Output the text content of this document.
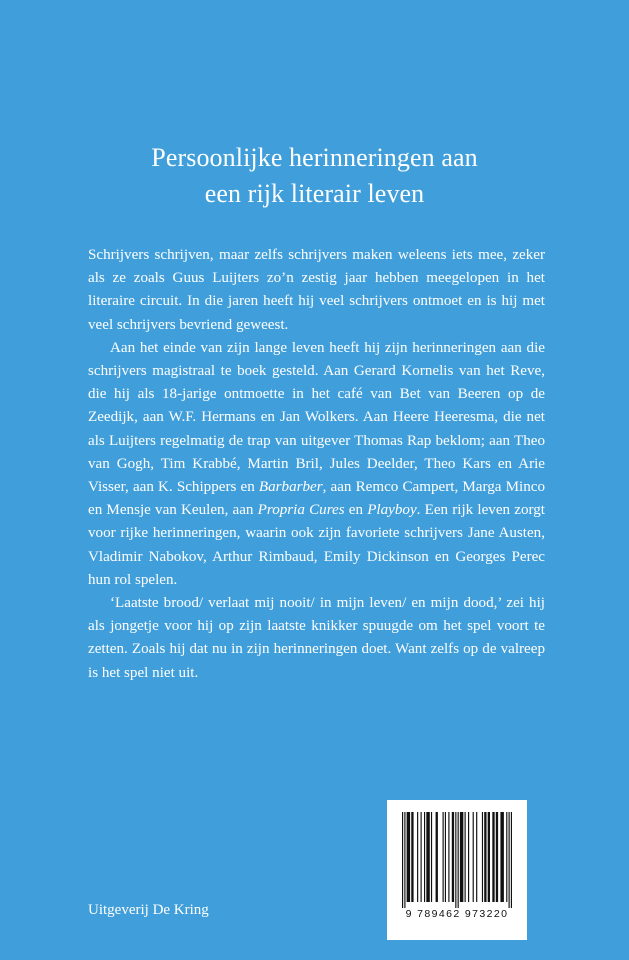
Persoonlijke herinneringen aan
een rijk literair leven

Schrijvers schrijven, maar zelfs schrijvers maken weleens iets mee, zeker als ze zoals Guus Luijters zo’n zestig jaar hebben meegelopen in het literaire circuit. In die jaren heeft hij veel schrijvers ontmoet en is hij met veel schrijvers bevriend geweest.

Aan het einde van zijn lange leven heeft hij zijn herinneringen aan die schrijvers magistraal te boek gesteld. Aan Gerard Kornelis van het Reve, die hij als 18-jarige ontmoette in het café van Bet van Beeren op de Zeedijk, aan W.F. Hermans en Jan Wolkers. Aan Heere Heeresma, die net als Luijters regelmatig de trap van uitgever Thomas Rap beklom; aan Theo van Gogh, Tim Krabbé, Martin Bril, Jules Deelder, Theo Kars en Arie Visser, aan K. Schippers en Barbarber, aan Remco Campert, Marga Minco en Mensje van Keulen, aan Propria Cures en Playboy. Een rijk leven zorgt voor rijke herinneringen, waarin ook zijn favoriete schrijvers Jane Austen, Vladimir Nabokov, Arthur Rimbaud, Emily Dickinson en Georges Perec hun rol spelen.

‘Laatste brood/ verlaat mij nooit/ in mijn leven/ en mijn dood,’ zei hij als jongetje voor hij op zijn laatste knikker spuugde om het spel voort te zetten. Zoals hij dat nu in zijn herinneringen doet. Want zelfs op de valreep is het spel niet uit.

Uitgeverij De Kring	9 789462 973220
